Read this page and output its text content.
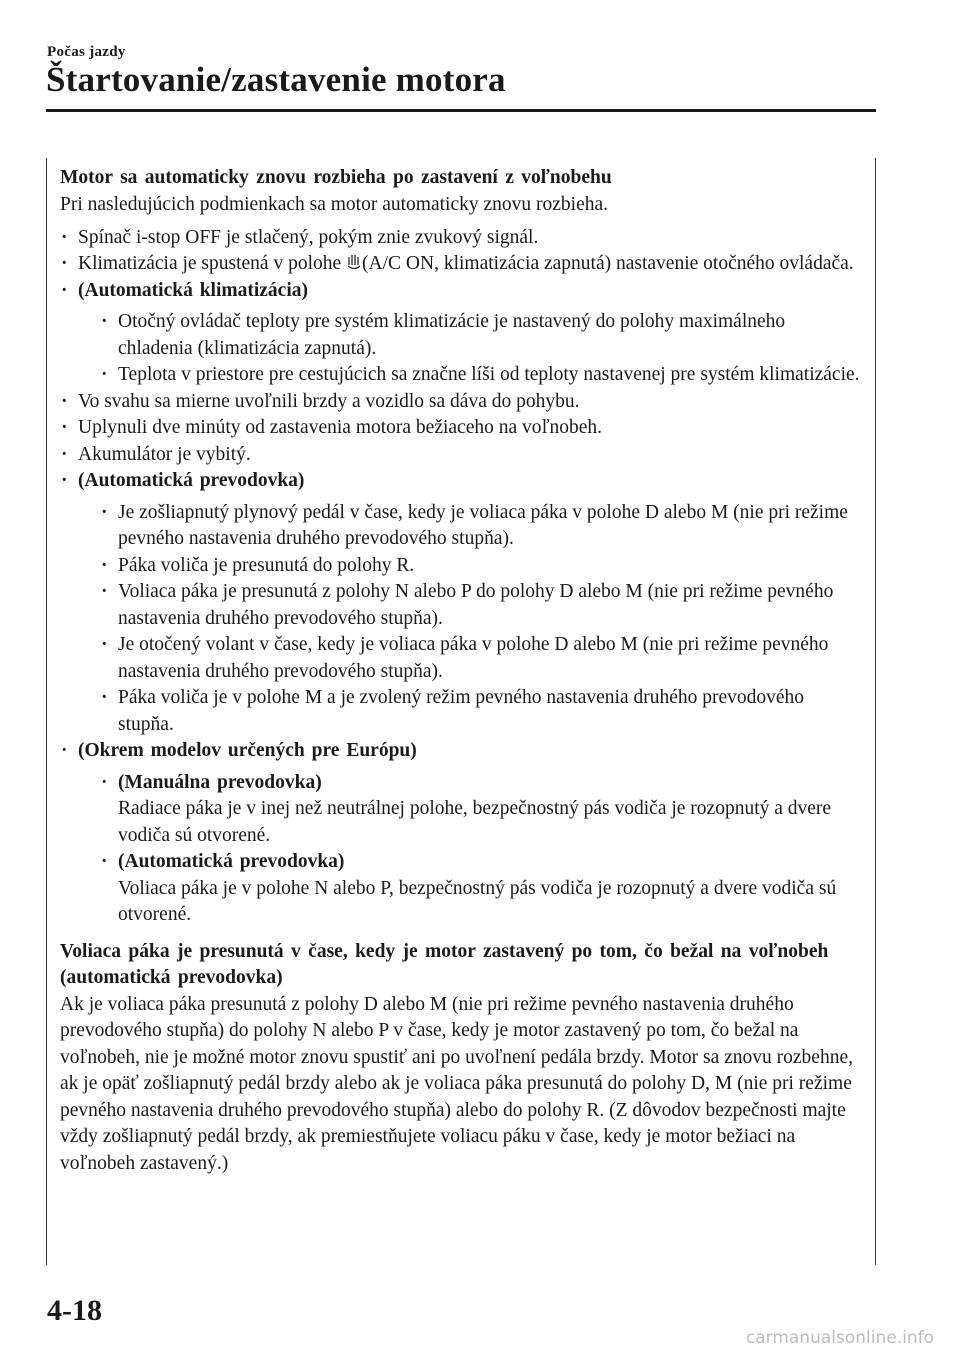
Počas jazdy
Štartovanie/zastavenie motora

Motor sa automaticky znovu rozbieha po zastavení z voľnobehu

Pri nasledujúcich podmienkach sa motor automaticky znovu rozbieha.

· Spínač i-stop OFF je stlačený, pokým znie zvukový signál.
· Klimatizácia je spustená v polohe (A/C ON, klimatizácia zapnutá) nastavenie otočného ovládača.
· (Automatická klimatizácia)
· Otočný ovládač teploty pre systém klimatizácie je nastavený do polohy maximálneho chladenia (klimatizácia zapnutá).
· Teplota v priestore pre cestujúcich sa značne líši od teploty nastavenej pre systém klimatizácie.
· Vo svahu sa mierne uvoľnili brzdy a vozidlo sa dáva do pohybu.
· Uplynuli dve minúty od zastavenia motora bežiaceho na voľnobeh.
· Akumulátor je vybitý.
· (Automatická prevodovka)
· Je zošliapnutý plynový pedál v čase, kedy je voliaca páka v polohe D alebo M (nie pri režime pevného nastavenia druhého prevodového stupňa).
· Páka voliča je presunutá do polohy R.
· Voliaca páka je presunutá z polohy N alebo P do polohy D alebo M (nie pri režime pevného nastavenia druhého prevodového stupňa).
· Je otočený volant v čase, kedy je voliaca páka v polohe D alebo M (nie pri režime pevného nastavenia druhého prevodového stupňa).
· Páka voliča je v polohe M a je zvolený režim pevného nastavenia druhého prevodového stupňa.
· (Okrem modelov určených pre Európu)
· (Manuálna prevodovka)
Radiace páka je v inej než neutrálnej polohe, bezpečnostný pás vodiča je rozopnutý a dvere vodiča sú otvorené.
· (Automatická prevodovka)
Voliaca páka je v polohe N alebo P, bezpečnostný pás vodiča je rozopnutý a dvere vodiča sú otvorené.

Voliaca páka je presunutá v čase, kedy je motor zastavený po tom, čo bežal na voľnobeh (automatická prevodovka)

Ak je voliaca páka presunutá z polohy D alebo M (nie pri režime pevného nastavenia druhého prevodového stupňa) do polohy N alebo P v čase, kedy je motor zastavený po tom, čo bežal na voľnobeh, nie je možné motor znovu spustiť ani po uvoľnení pedála brzdy. Motor sa znovu rozbehne, ak je opäť zošliapnutý pedál brzdy alebo ak je voliaca páka presunutá do polohy D, M (nie pri režime pevného nastavenia druhého prevodového stupňa) alebo do polohy R. (Z dôvodov bezpečnosti majte vždy zošliapnutý pedál brzdy, ak premiestňujete voliacu páku v čase, kedy je motor bežiaci na voľnobeh zastavený.)

4-18
carmanualsonline.info
